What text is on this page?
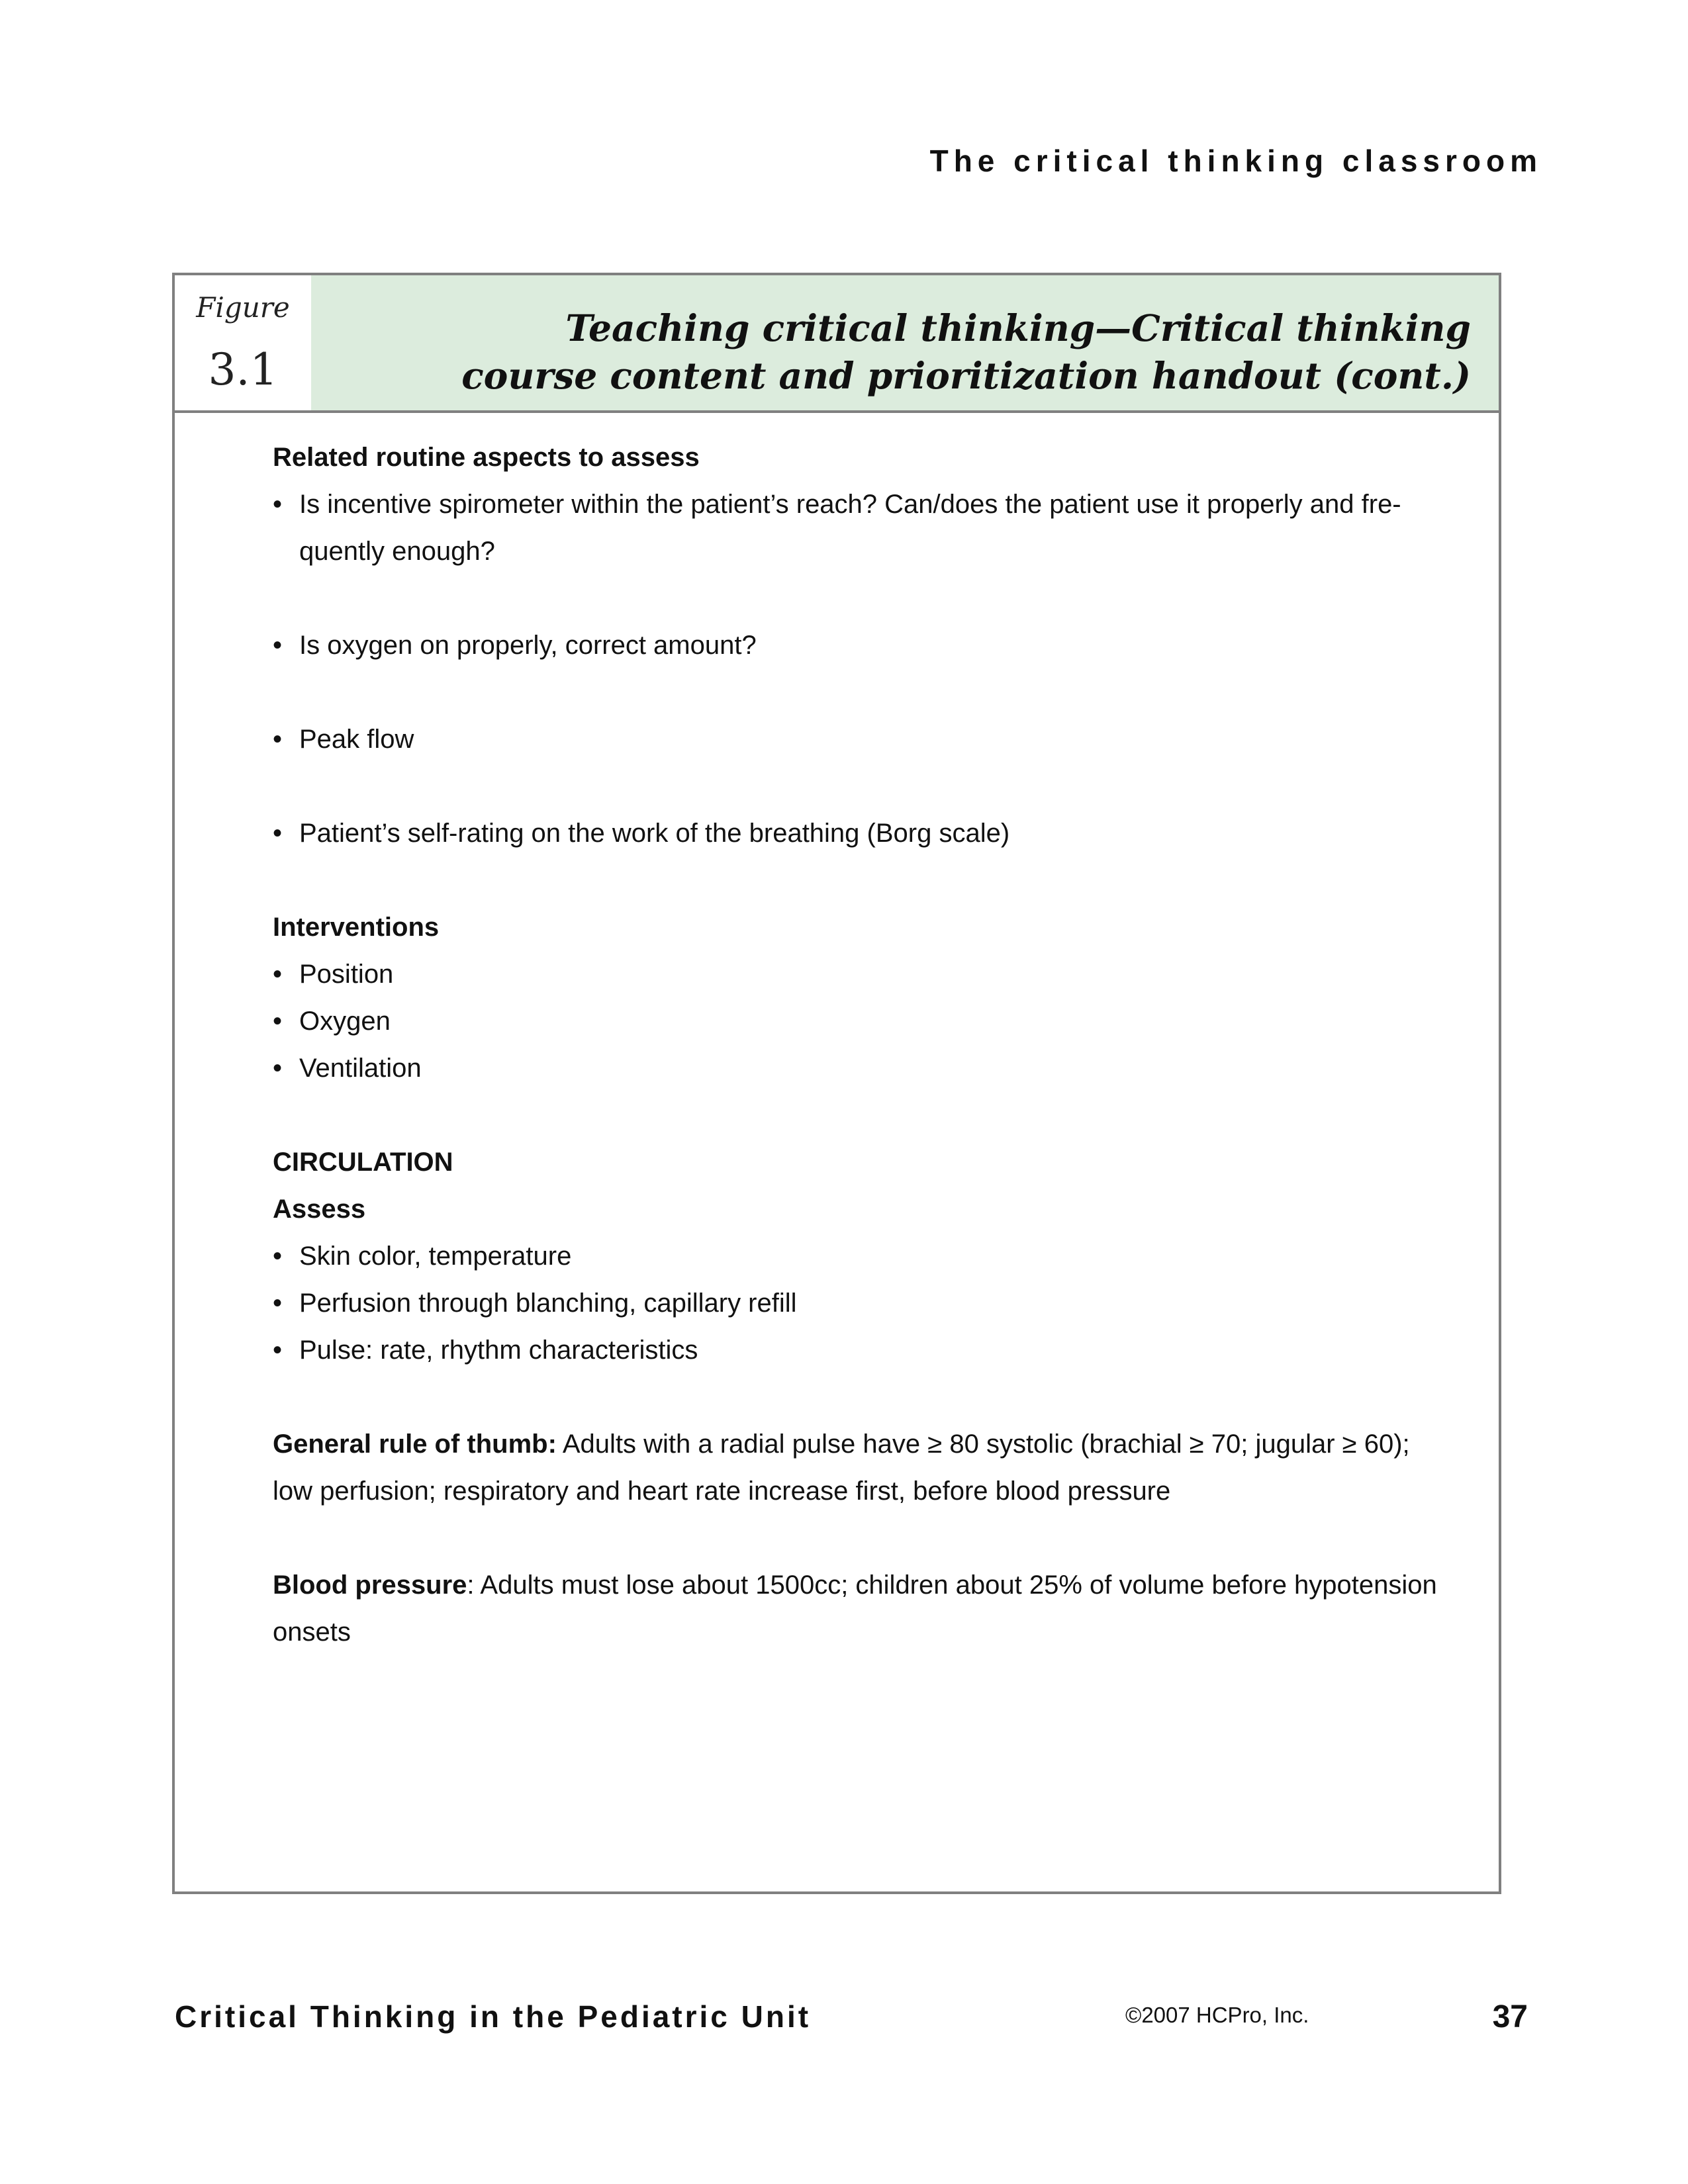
The critical thinking classroom
Figure
3.1
Teaching critical thinking—Critical thinking
course content and prioritization handout (cont.)

Related routine aspects to assess

• Is incentive spirometer within the patient’s reach? Can/does the patient use it properly and fre-quently enough?

• Is oxygen on properly, correct amount?

• Peak flow

• Patient’s self-rating on the work of the breathing (Borg scale)

Interventions

• Position

• Oxygen

• Ventilation

CIRCULATION

Assess

• Skin color, temperature

• Perfusion through blanching, capillary refill

• Pulse: rate, rhythm characteristics

General rule of thumb: Adults with a radial pulse have ≥ 80 systolic (brachial ≥ 70; jugular ≥ 60); low perfusion; respiratory and heart rate increase first, before blood pressure

Blood pressure: Adults must lose about 1500cc; children about 25% of volume before hypotension onsets

Critical Thinking in the Pediatric Unit	©2007 HCPro, Inc.	37
